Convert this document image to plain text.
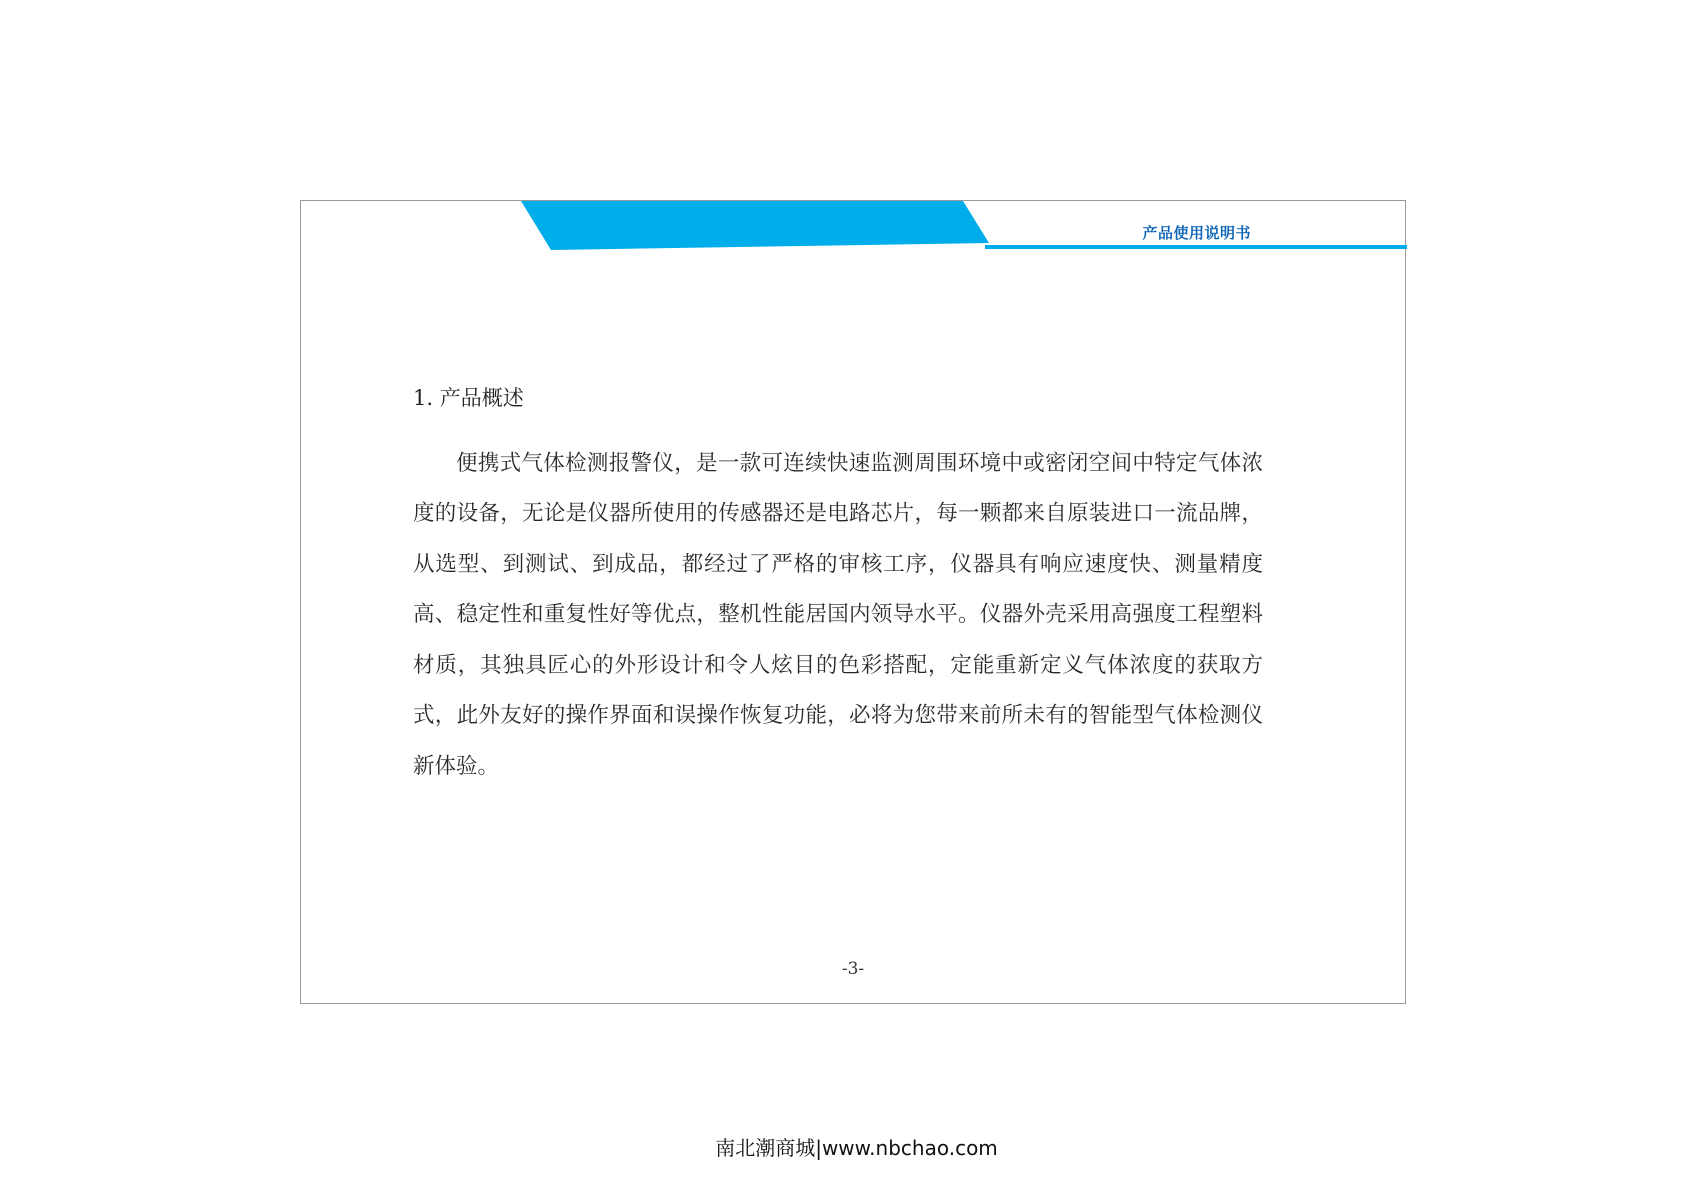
产品使用说明书
1. 产品概述

便携式气体检测报警仪，是一款可连续快速监测周围环境中或密闭空间中特定气体浓度的设备，无论是仪器所使用的传感器还是电路芯片，每一颗都来自原装进口一流品牌，从选型、到测试、到成品，都经过了严格的审核工序，仪器具有响应速度快、测量精度高、稳定性和重复性好等优点，整机性能居国内领导水平。仪器外壳采用高强度工程塑料材质，其独具匠心的外形设计和令人炫目的色彩搭配，定能重新定义气体浓度的获取方式，此外友好的操作界面和误操作恢复功能，必将为您带来前所未有的智能型气体检测仪新体验。

-3-
南北潮商城|www.nbchao.com
